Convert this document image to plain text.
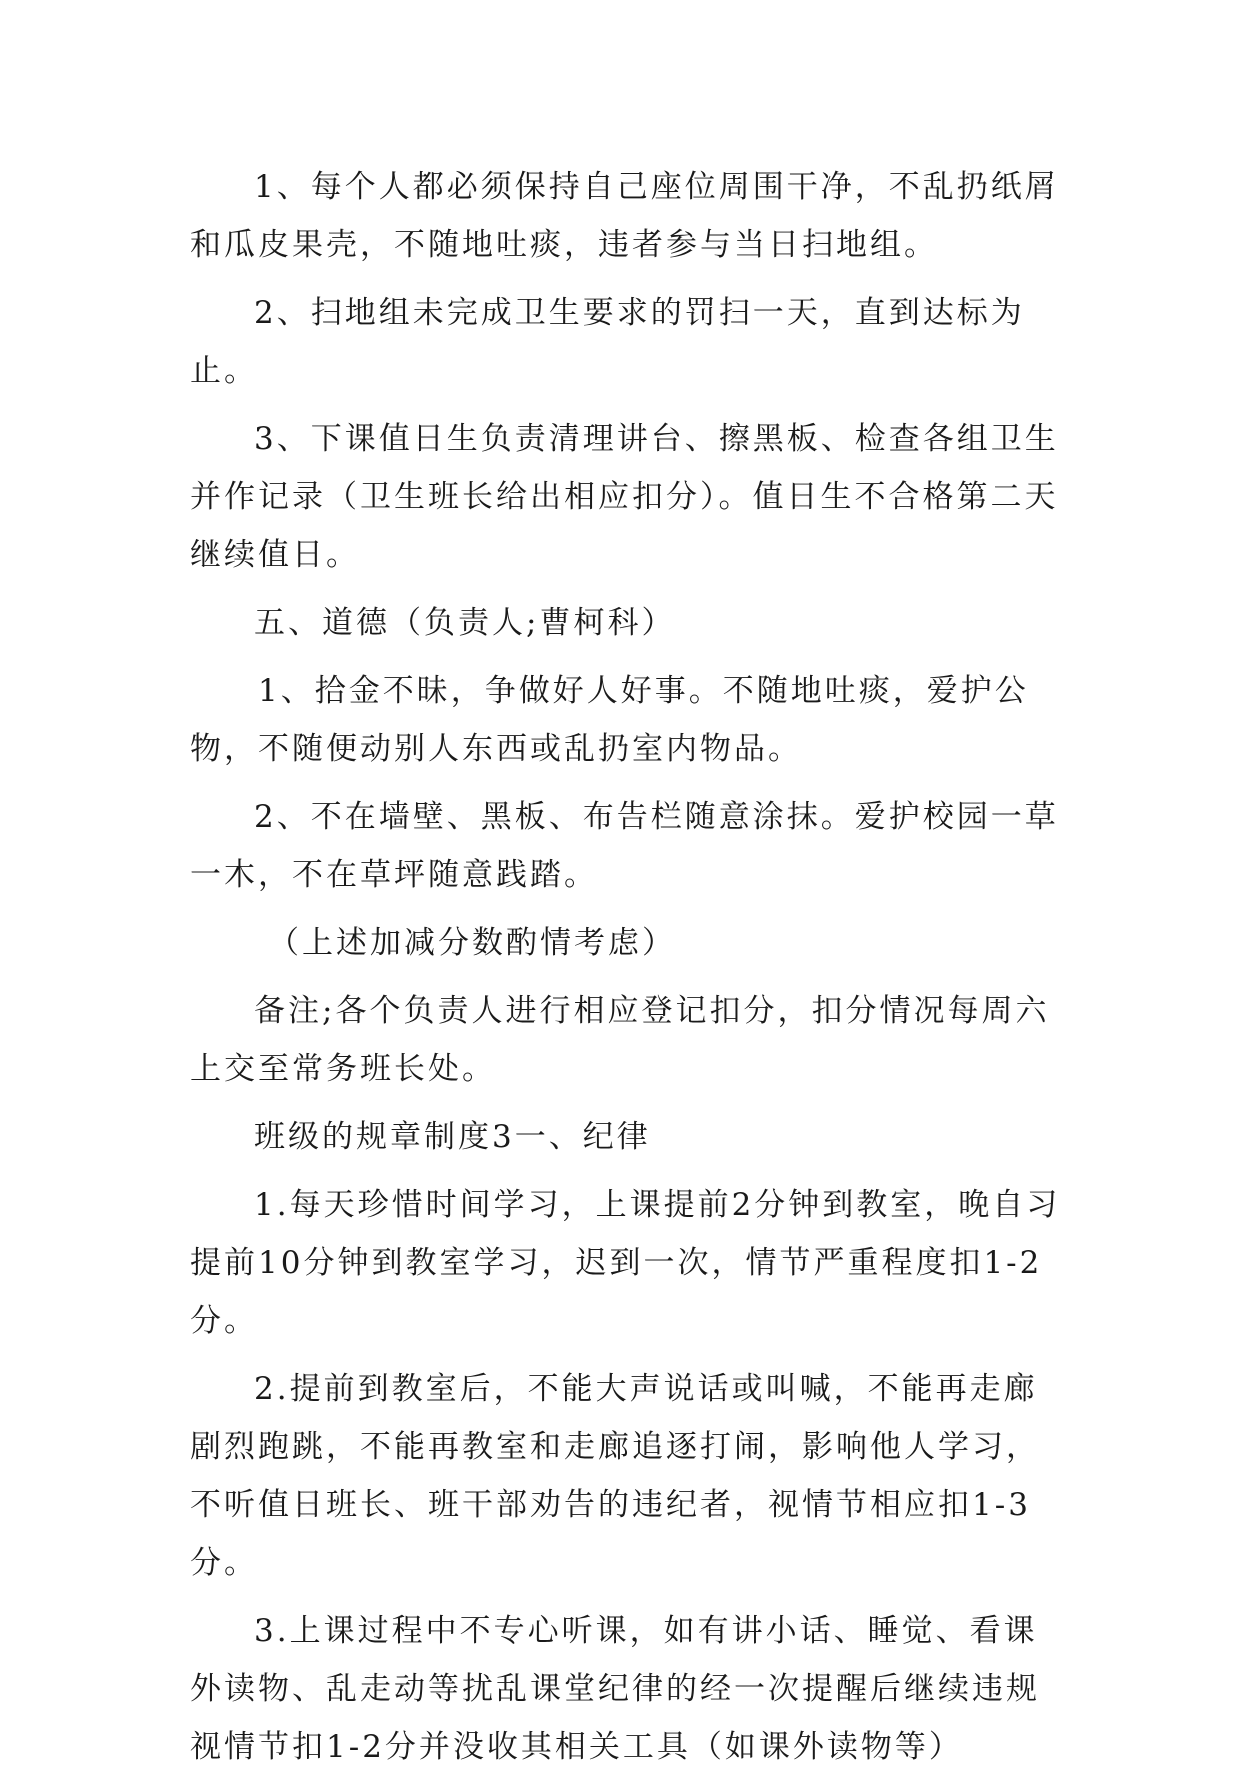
1、每个人都必须保持自己座位周围干净，不乱扔纸屑和瓜皮果壳，不随地吐痰，违者参与当日扫地组。

2、扫地组未完成卫生要求的罚扫一天，直到达标为止。

3、下课值日生负责清理讲台、擦黑板、检查各组卫生并作记录（卫生班长给出相应扣分）。值日生不合格第二天继续值日。

五、道德（负责人;曹柯科）

1、拾金不昧，争做好人好事。不随地吐痰，爱护公物，不随便动别人东西或乱扔室内物品。

2、不在墙壁、黑板、布告栏随意涂抹。爱护校园一草一木，不在草坪随意践踏。

（上述加减分数酌情考虑）

备注;各个负责人进行相应登记扣分，扣分情况每周六上交至常务班长处。

班级的规章制度3一、纪律

1.每天珍惜时间学习，上课提前2分钟到教室，晚自习提前10分钟到教室学习，迟到一次，情节严重程度扣1-2分。

2.提前到教室后，不能大声说话或叫喊，不能再走廊剧烈跑跳，不能再教室和走廊追逐打闹，影响他人学习，不听值日班长、班干部劝告的违纪者，视情节相应扣1-3分。

3.上课过程中不专心听课，如有讲小话、睡觉、看课外读物、乱走动等扰乱课堂纪律的经一次提醒后继续违规视情节扣1-2分并没收其相关工具（如课外读物等）
